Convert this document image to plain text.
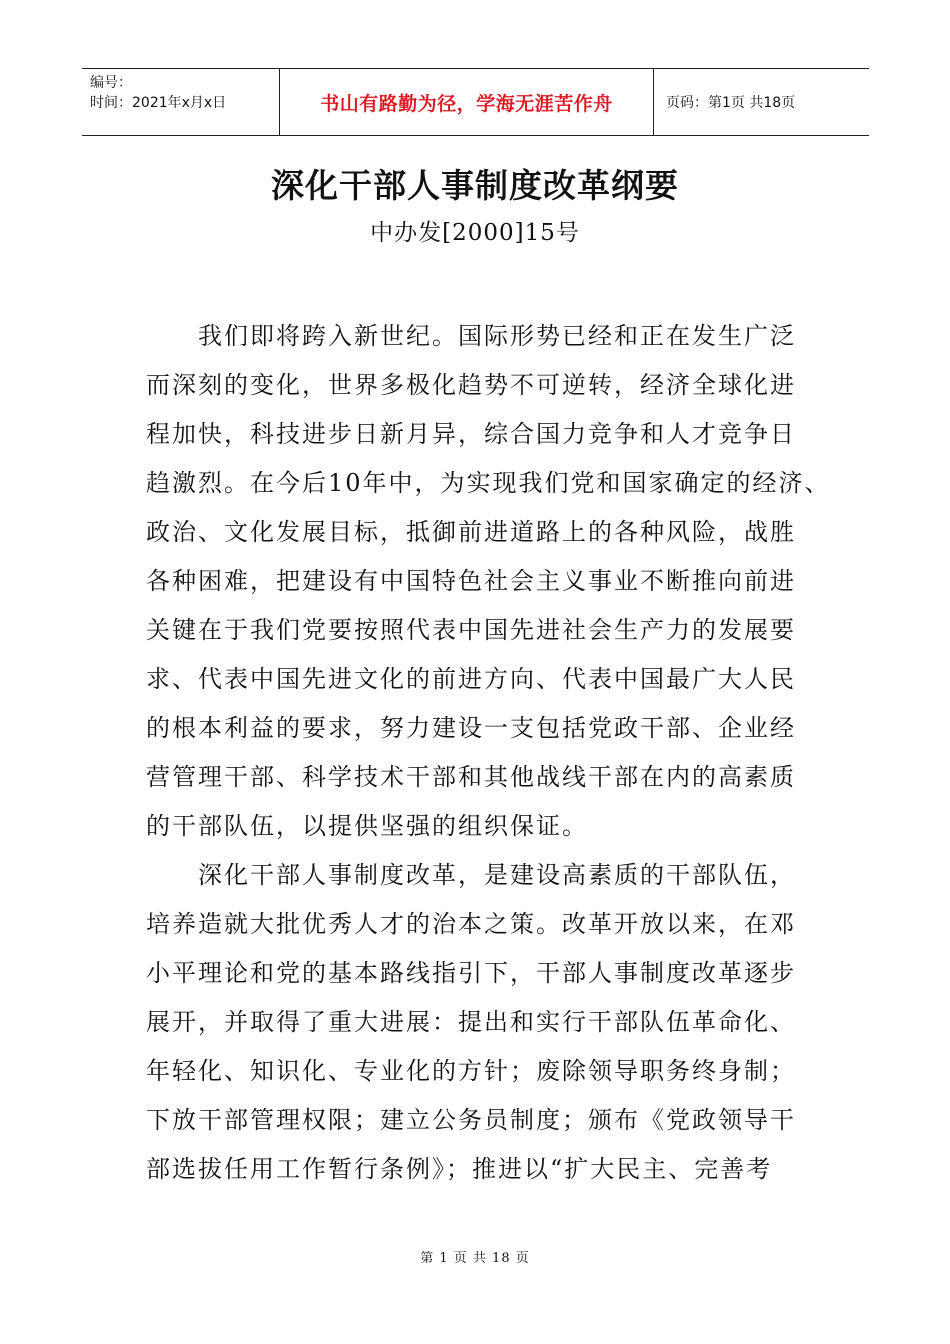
编号：
时间：2021年x月x日	书山有路勤为径，学海无涯苦作舟	页码：第1页 共18页
深化干部人事制度改革纲要
中办发[2000]15号
　　我们即将跨入新世纪。国际形势已经和正在发生广泛
而深刻的变化，世界多极化趋势不可逆转，经济全球化进
程加快，科技进步日新月异，综合国力竞争和人才竞争日
趋激烈。在今后10年中，为实现我们党和国家确定的经济、
政治、文化发展目标，抵御前进道路上的各种风险，战胜
各种困难，把建设有中国特色社会主义事业不断推向前进
关键在于我们党要按照代表中国先进社会生产力的发展要
求、代表中国先进文化的前进方向、代表中国最广大人民
的根本利益的要求，努力建设一支包括党政干部、企业经
营管理干部、科学技术干部和其他战线干部在内的高素质
的干部队伍，以提供坚强的组织保证。
　　深化干部人事制度改革，是建设高素质的干部队伍，
培养造就大批优秀人才的治本之策。改革开放以来，在邓
小平理论和党的基本路线指引下，干部人事制度改革逐步
展开，并取得了重大进展：提出和实行干部队伍革命化、
年轻化、知识化、专业化的方针；废除领导职务终身制；
下放干部管理权限；建立公务员制度；颁布《党政领导干
部选拔任用工作暂行条例》；推进以“扩大民主、完善考
第 1 页 共 18 页
